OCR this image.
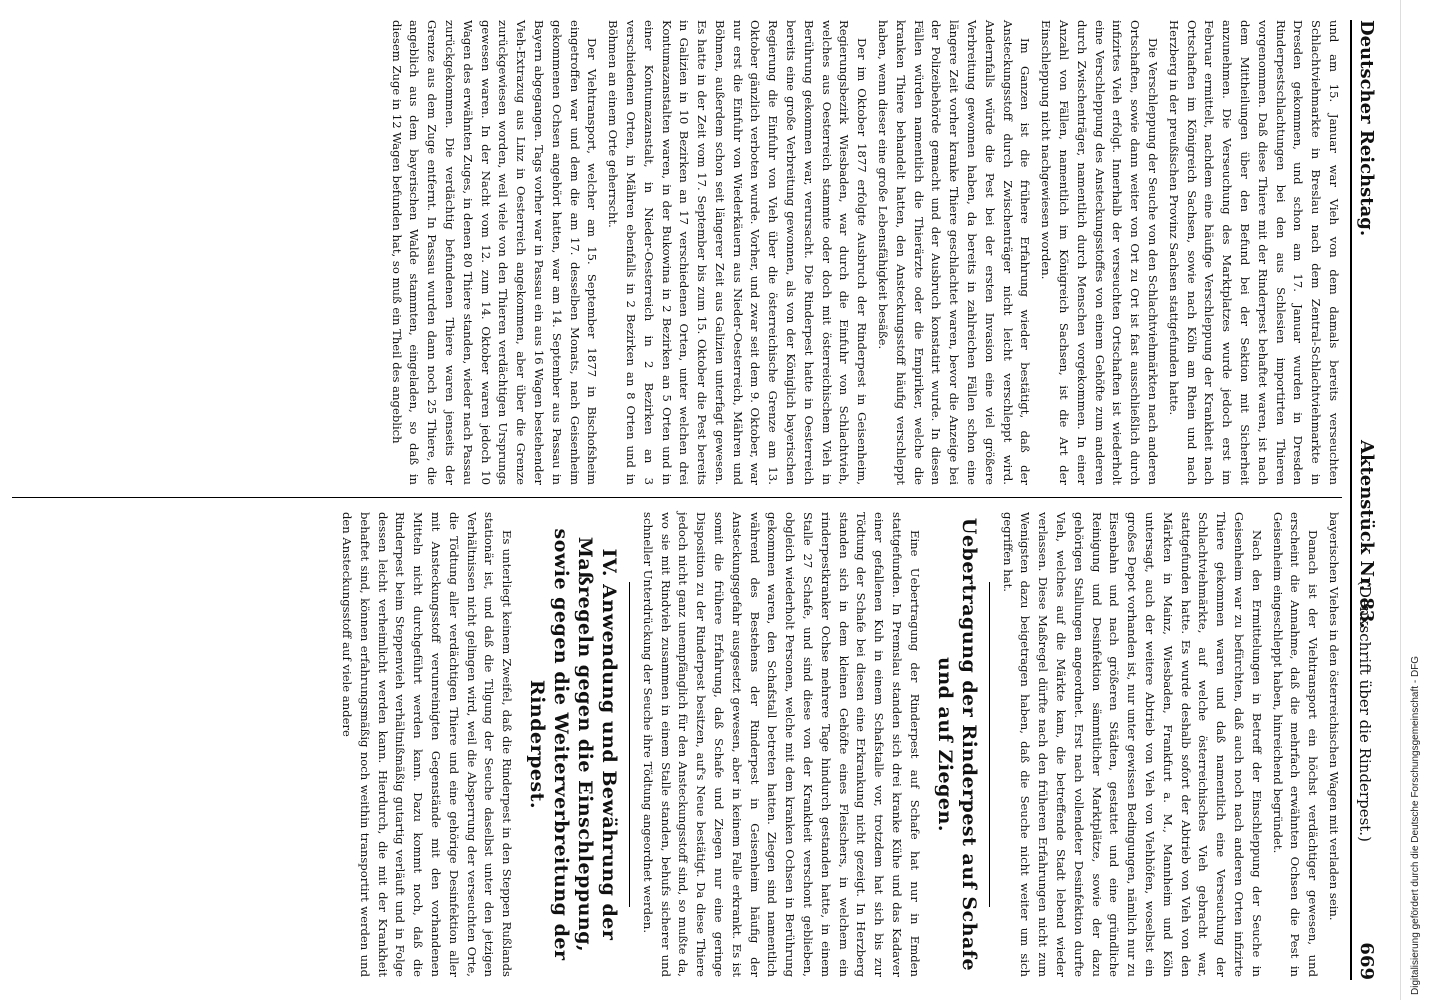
Deutscher Reichstag.
Aktenstück Nr. 83.
(Denkschrift über die Rinderpest.)
669

und am 15. Januar war Vieh von dem damals bereits verseuchten Schlachtviehmarkte in Breslau nach dem Zentral-Schlachtviehmarkte in Dresden gekommen, und schon am 17. Januar wurden in Dresden Rinderpestschlachtungen bei den aus Schlesien importirten Thieren vorgenommen. Daß diese Thiere mit der Rinderpest behaftet waren, ist nach dem Mittheilungen über den Befund bei der Sektion mit Sicherheit anzunehmen. Die Verseuchung des Marktplatzes wurde jedoch erst im Februar ermittelt, nachdem eine häufige Verschleppung der Krankheit nach Ortschaften im Königreich Sachsen, sowie nach Köln am Rhein und nach Herzberg in der preußischen Provinz Sachsen stattgefunden hatte.

Die Verschleppung der Seuche von den Schlachtviehmärkten nach anderen Ortschaften, sowie dann weiter von Ort zu Ort ist fast ausschließlich durch infizirtes Vieh erfolgt. Innerhalb der verseuchten Ortschaften ist wiederholt eine Verschleppung des Ansteckungsstoffes von einem Gehöfte zum anderen durch Zwischenträger, namentlich durch Menschen vorgekommen. In einer Anzahl von Fällen, namentlich im Königreich Sachsen, ist die Art der Einschleppung nicht nachgewiesen worden.

Im Ganzen ist die frühere Erfahrung wieder bestätigt, daß der Ansteckungsstoff durch Zwischenträger nicht leicht verschleppt wird. Andernfalls würde die Pest bei der ersten Invasion eine viel größere Verbreitung gewonnen haben, da bereits in zahlreichen Fällen schon eine längere Zeit vorher kranke Thiere geschlachtet waren, bevor die Anzeige bei der Polizeibehörde gemacht und der Ausbruch konstatirt wurde. In diesen Fällen würden namentlich die Thierärzte oder die Empiriker, welche die kranken Thiere behandelt hatten, den Ansteckungsstoff häufig verschleppt haben, wenn dieser eine große Lebensfähigkeit besäße.

Der im Oktober 1877 erfolgte Ausbruch der Rinderpest in Geisenheim, Regierungsbezirk Wiesbaden, war durch die Einfuhr von Schlachtvieh, welches aus Oesterreich stammte oder doch mit österreichischem Vieh in Berührung gekommen war, verursacht. Die Rinderpest hatte in Oesterreich bereits eine große Verbreitung gewonnen, als von der Königlich bayerischen Regierung die Einfuhr von Vieh über die österreichische Grenze am 13. Oktober gänzlich verboten wurde. Vorher, und zwar seit dem 9. Oktober, war nur erst die Einfuhr von Wiederkäuern aus Nieder-Oesterreich, Mähren und Böhmen, außerdem schon seit längerer Zeit aus Galizien unterfagt gewesen. Es hatte in der Zeit vom 17. September bis zum 15. Oktober die Pest bereits in Galizien in 10 Bezirken an 17 verschiedenen Orten, unter welchen drei Kontumazanstalten waren, in der Bukowina in 2 Bezirken an 5 Orten und in einer Kontumazanstalt, in Nieder-Oesterreich in 2 Bezirken an 3 verschiedenen Orten, in Mähren ebenfalls in 2 Bezirken an 8 Orten und in Böhmen an einem Orte geherrscht.

Der Viehtransport, welcher am 15. September 1877 in Bischofsheim eingetroffen war und dem die am 17. desselben Monats, nach Geisenheim gekommenen Ochsen angehört hatten, war am 14. September aus Passau in Bayern abgegangen. Tags vorher war in Passau ein aus 16 Wagen bestehender Vieh-Extrazug aus Linz in Oesterreich angekommen, aber über die Grenze zurückgewiesen worden, weil viele von den Thieren verdächtigen Ursprungs gewesen waren. In der Nacht vom 12. zum 14. Oktober waren jedoch 10 Wagen des erwähnten Zuges, in denen 80 Thiere standen, wieder nach Passau zurückgekommen. Die verdächtig befundenen Thiere waren jenseits der Grenze aus dem Zuge entfernt. In Passau wurden dann noch 25 Thiere, die angeblich aus dem bayerischen Walde stammten, eingeladen, so daß in diesem Zuge in 12 Wagen befunden hat, so muß ein Theil des angeblich

bayerischen Viehes in den österreichischen Wagen mit verladen sein.

Danach ist der Viehtransport ein höchst verdächtiger gewesen, und erscheint die Annahme, daß die mehrfach erwähnten Ochsen die Pest in Geisenheim eingeschleppt haben, hinreichend begründet.

Nach den Ermittelungen in Betreff der Einschleppung der Seuche in Geisenheim war zu befürchten, daß auch noch nach anderen Orten infizirte Thiere gekommen waren und daß namentlich eine Verseuchung der Schlachtviehmärkte, auf welche österreichisches Vieh gebracht war, stattgefunden hatte. Es wurde deshalb sofort der Abtrieb von Vieh von den Märkten in Mainz, Wiesbaden, Frankfurt a. M., Mannheim und Köln untersagt, auch der weitere Abtrieb von Vieh von Viehhöfen, woselbst ein großes Depot vorhanden ist, nur unter gewissen Bedingungen, nämlich nur zu Eisenbahn und nach größeren Städten, gestattet und eine gründliche Reinigung und Desinfektion sämmtlicher Marktplätze, sowie der dazu gehörigen Stallungen angeordnet. Erst nach vollendeter Desinfektion durfte Vieh, welches auf die Märkte kam, die betreffende Stadt lebend wieder verlassen. Diese Maßregel dürfte nach den früheren Erfahrungen nicht zum Wenigsten dazu beigetragen haben, daß die Seuche nicht weiter um sich gegriffen hat.

Uebertragung der Rinderpest auf Schafe und auf Ziegen.

Eine Uebertragung der Rinderpest auf Schafe hat nur in Emden stattgefunden. In Premslau standen sich drei kranke Kühe und das Kadaver einer gefallenen Kuh in einem Schafstalle vor, trotzdem hat sich bis zur Tödtung der Schafe bei diesen eine Erkrankung nicht gezeigt. In Herzberg standen sich in dem kleinen Gehöfte eines Fleischers, in welchem ein rinderpestkranker Ochse mehrere Tage hindurch gestanden hatte, in einem Stalle 27 Schafe, und sind diese von der Krankheit verschont geblieben, obgleich wiederholt Personen, welche mit dem kranken Ochsen in Berührung gekommen waren, den Schafstall betreten hatten. Ziegen sind namentlich während des Bestehens der Rinderpest in Geisenheim häufig der Ansteckungsgefahr ausgesetzt gewesen, aber in keinem Falle erkrankt. Es ist somit die frühere Erfahrung, daß Schafe und Ziegen nur eine geringe Disposition zu der Rinderpest besitzen, auf's Neue bestätigt. Da diese Thiere jedoch nicht ganz unempfänglich für den Ansteckungsstoff sind, so mußte da, wo sie mit Rindvieh zusammen in einem Stalle standen, behufs sicherer und schneller Unterdrückung der Seuche ihre Tödtung angeordnet werden.

IV. Anwendung und Bewährung der Maßregeln gegen die Einschleppung, sowie gegen die Weiterverbreitung der Rinderpest.

Es unterliegt keinem Zweifel, daß die Rinderpest in den Steppen Rußlands stationär ist, und daß die Tilgung der Seuche daselbst unter den jetzigen Verhältnissen nicht gelingen wird, weil die Absperrung der verseuchten Orte, die Tödtung aller verdächtigen Thiere und eine gehörige Desinfektion aller mit Ansteckungsstoff verunreinigten Gegenstände mit den vorhandenen Mitteln nicht durchgeführt werden kann. Dazu kommt noch, daß die Rinderpest beim Steppenvieh verhältnißmäßig gutartig verläuft und in Folge dessen leicht verheimlicht werden kann. Hierdurch, die mit der Krankheit behaftet sind, können erfahrungsmäßig noch weithin transportirt werden und den Ansteckungsstoff auf viele andere

Digitalisierung gefördert durch die Deutsche Forschungsgemeinschaft - DFG
